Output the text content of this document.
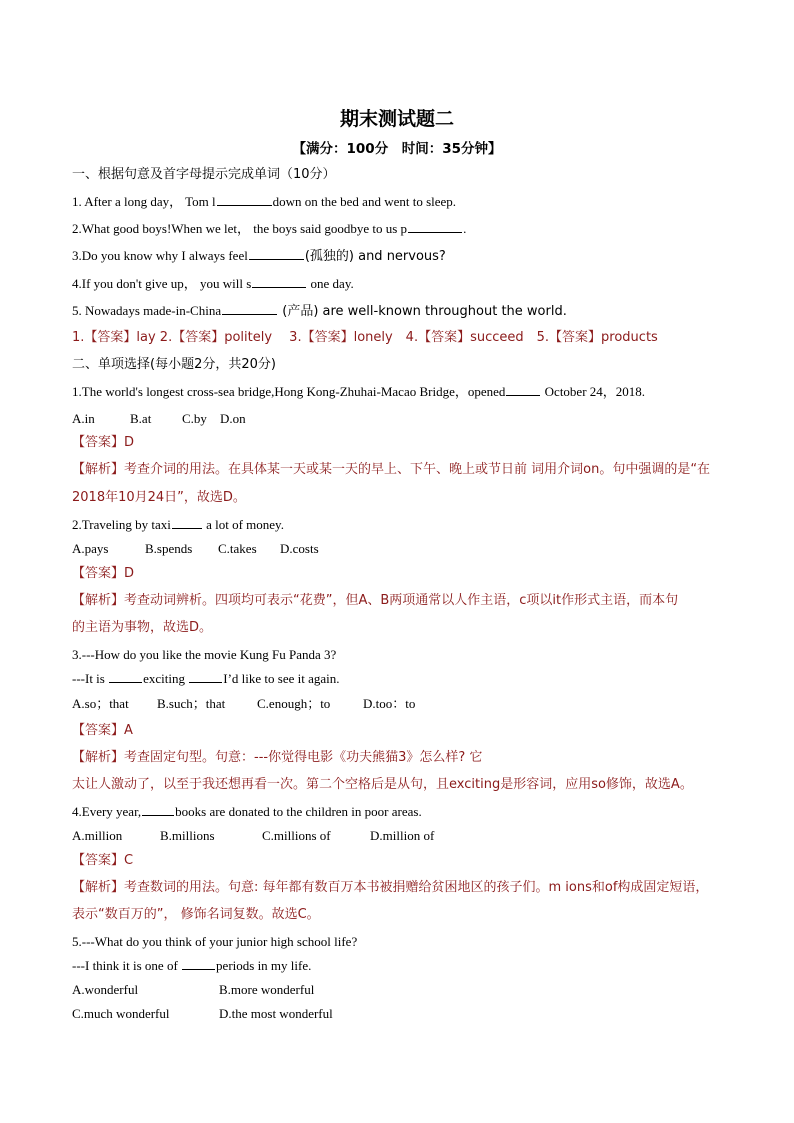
期末测试题二
【满分：100分　时间：35分钟】
一、根据句意及首字母提示完成单词（10分）
1. After a long day， Tom l	down on the bed and went to sleep.
2.What good boys!When we let， the boys said goodbye to us p	.
3.Do you know why I always feel	(孤独的) and nervous?
4.If you don't give up， you will s	one day.
5. Nowadays made-in-China	(产品) are well-known throughout the world.
1.【答案】lay 2.【答案】politely　 3.【答案】lonely　4.【答案】succeed　5.【答案】products
二、单项选择(每小题2分，共20分)
1.The world's longest cross-sea bridge,Hong Kong-Zhuhai-Macao Bridge，opened	October 24，2018.
A.in	B.at C.by D.on
【答案】D
【解析】考查介词的用法。在具体某一天或某一天的早上、下午、晚上或节日前 词用介词on。句中强调的是“在
2018年10月24日”，故选D。
2.Traveling by taxi a lot of money.
A.pays	B.spends C.takes D.costs
【答案】D
【解析】考查动词辨析。四项均可表示“花费”，但A、B两项通常以人作主语，c项以it作形式主语，而本句
的主语为事物，故选D。
3.---How do you like the movie Kung Fu Panda 3?
---It is	exciting	I’d like to see it again.
A.so；that B.such；that C.enough；to	D.too：to
【答案】A
【解析】考查固定句型。句意：---你觉得电影《功夫熊猫3》怎么样? 它
太让人激动了，以至于我还想再看一次。第二个空格后是从句，且exciting是形容词，应用so修饰，故选A。
4.Every year,	books are donated to the children in poor areas.
A.million	B.millions	C.millions of	D.million of
【答案】C
【解析】考查数词的用法。句意: 每年都有数百万本书被捐赠给贫困地区的孩子们。m ions和of构成固定短语，
表示“数百万的”， 修饰名词复数。故选C。
5.---What do you think of your junior high school life?
---I think it is one of	periods in my life.
A.wonderful	B.more wonderful
C.much wonderful	D.the most wonderful
